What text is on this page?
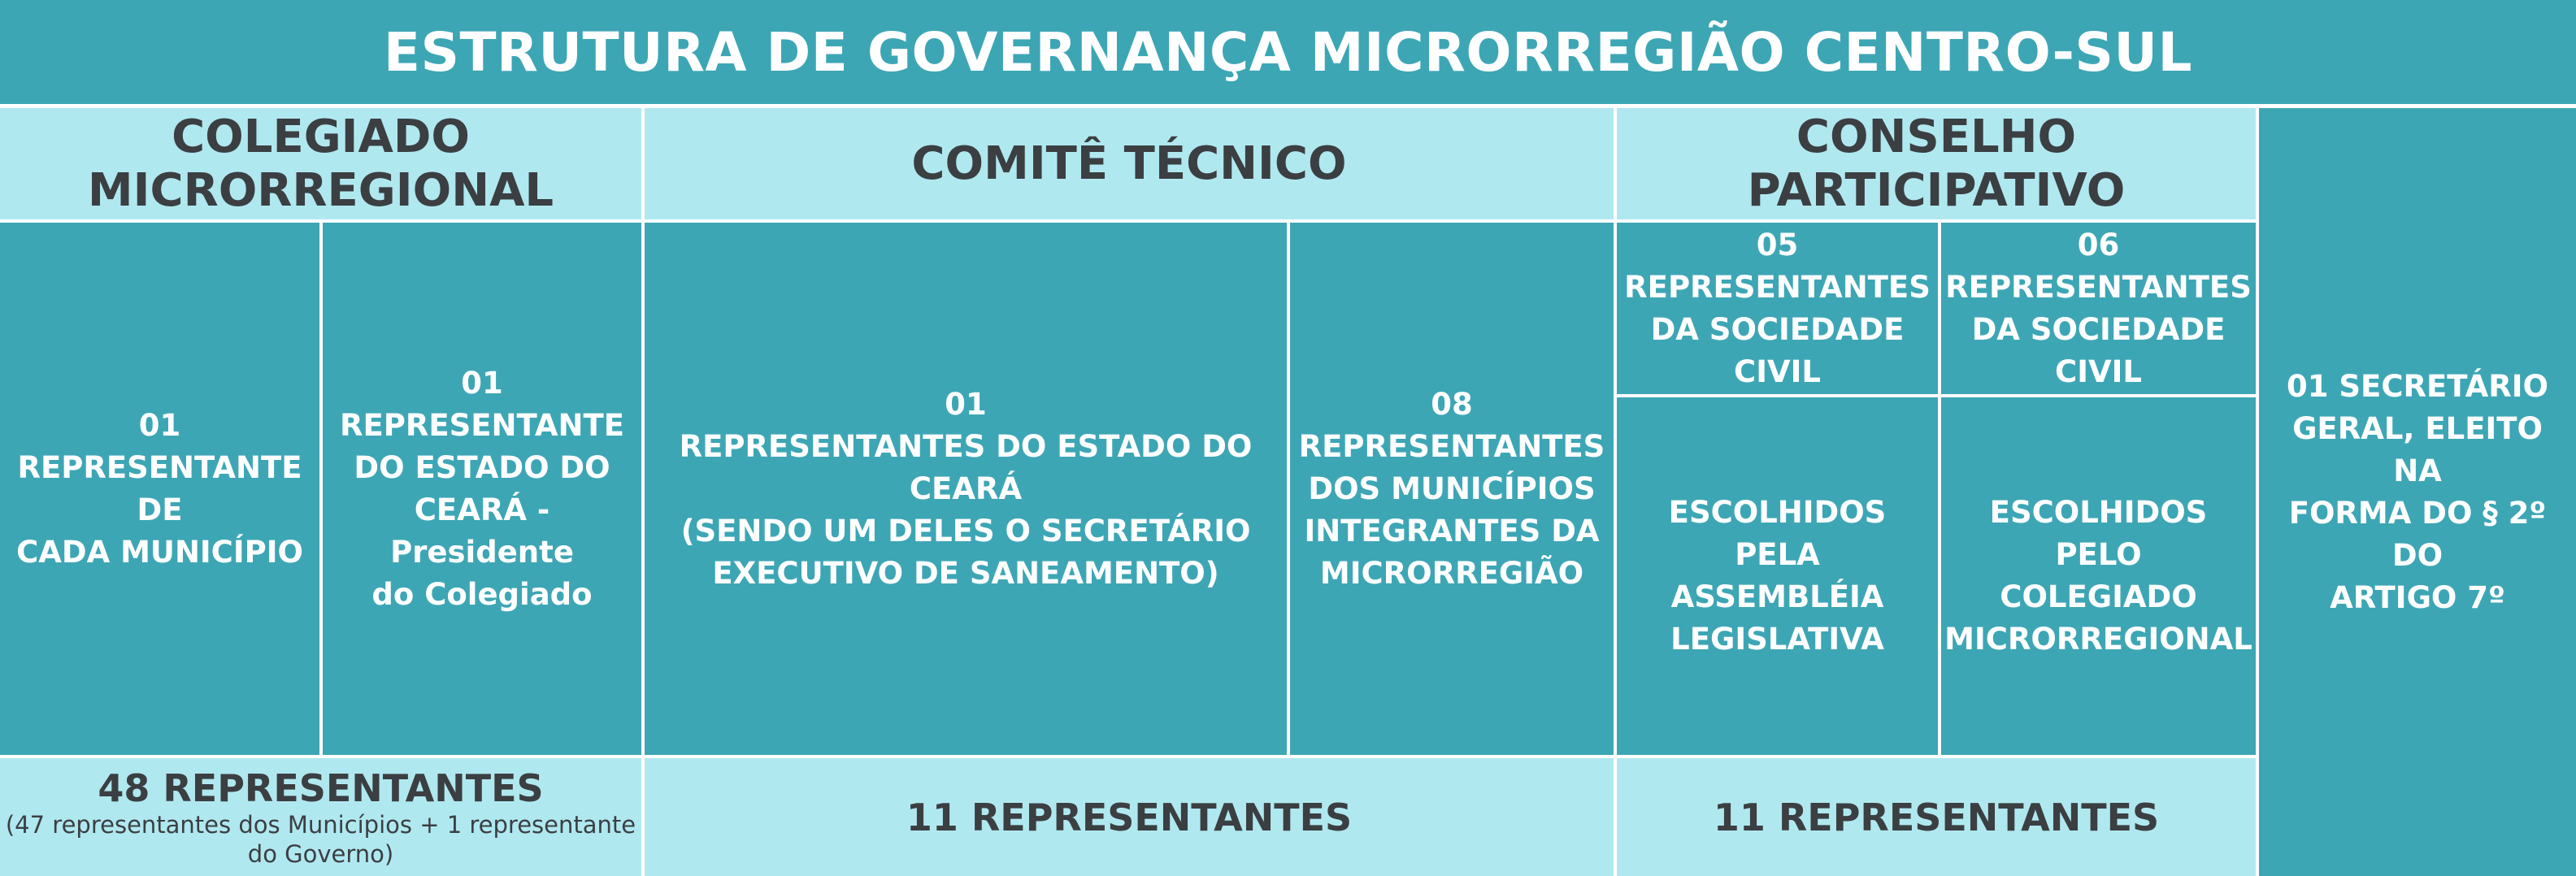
ESTRUTURA DE GOVERNANÇA MICRORREGIÃO CENTRO-SUL
COLEGIADO
MICRORREGIONAL
COMITÊ TÉCNICO
CONSELHO PARTICIPATIVO
01
REPRESENTANTE DE
CADA MUNICÍPIO
01
REPRESENTANTE
DO ESTADO DO
CEARÁ - Presidente
do Colegiado
01
REPRESENTANTES DO ESTADO DO CEARÁ
(SENDO UM DELES O SECRETÁRIO
EXECUTIVO DE SANEAMENTO)
08
REPRESENTANTES
DOS MUNICÍPIOS
INTEGRANTES DA
MICRORREGIÃO
05
REPRESENTANTES
DA SOCIEDADE CIVIL
06
REPRESENTANTES
DA SOCIEDADE
CIVIL
ESCOLHIDOS PELA
ASSEMBLÉIA
LEGISLATIVA
ESCOLHIDOS PELO
COLEGIADO
MICRORREGIONAL
01 SECRETÁRIO
GERAL, ELEITO NA
FORMA DO § 2º DO
ARTIGO 7º
48 REPRESENTANTES
(47 representantes dos Municípios + 1 representante do Governo)
11 REPRESENTANTES	11 REPRESENTANTES
